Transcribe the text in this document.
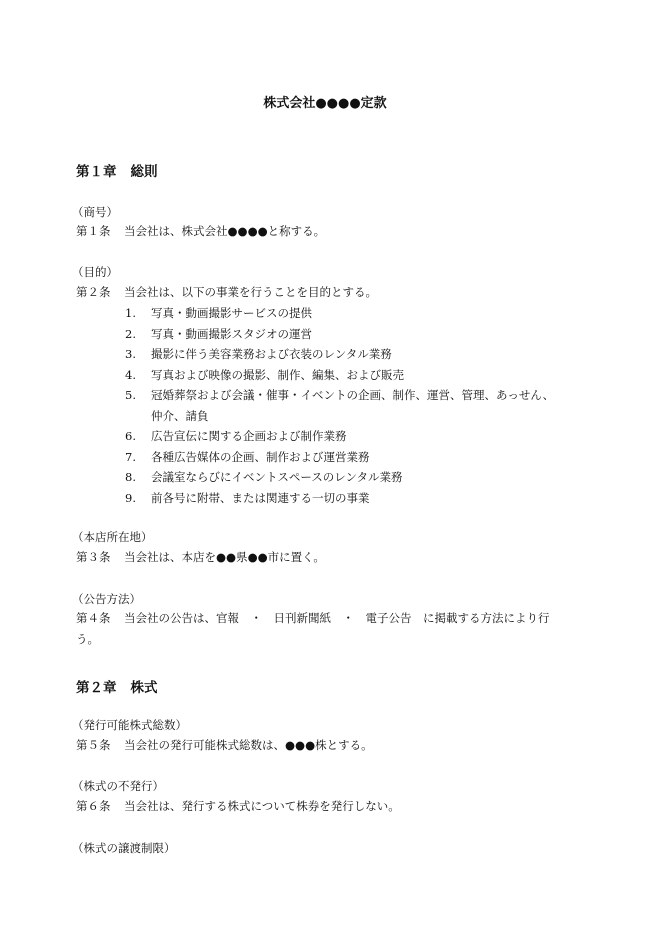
株式会社●●●●定款
第１章 総則
（商号）
第１条 当会社は、株式会社●●●●と称する。
（目的）
第２条 当会社は、以下の事業を行うことを目的とする。
1.	写真・動画撮影サービスの提供
2.	写真・動画撮影スタジオの運営
3.	撮影に伴う美容業務および衣装のレンタル業務
4.	写真および映像の撮影、制作、編集、および販売
5.	冠婚葬祭および会議・催事・イベントの企画、制作、運営、管理、あっせん、仲介、請負
6.	広告宣伝に関する企画および制作業務
7.	各種広告媒体の企画、制作および運営業務
8.	会議室ならびにイベントスペースのレンタル業務
9.	前各号に附帯、または関連する一切の事業
（本店所在地）
第３条 当会社は、本店を●●県●●市に置く。
（公告方法）
第４条 当会社の公告は、官報　・　日刊新聞紙　・　電子公告　に掲載する方法により行う。
第２章 株式
（発行可能株式総数）
第５条 当会社の発行可能株式総数は、●●●株とする。
（株式の不発行）
第６条 当会社は、発行する株式について株券を発行しない。
（株式の譲渡制限）
